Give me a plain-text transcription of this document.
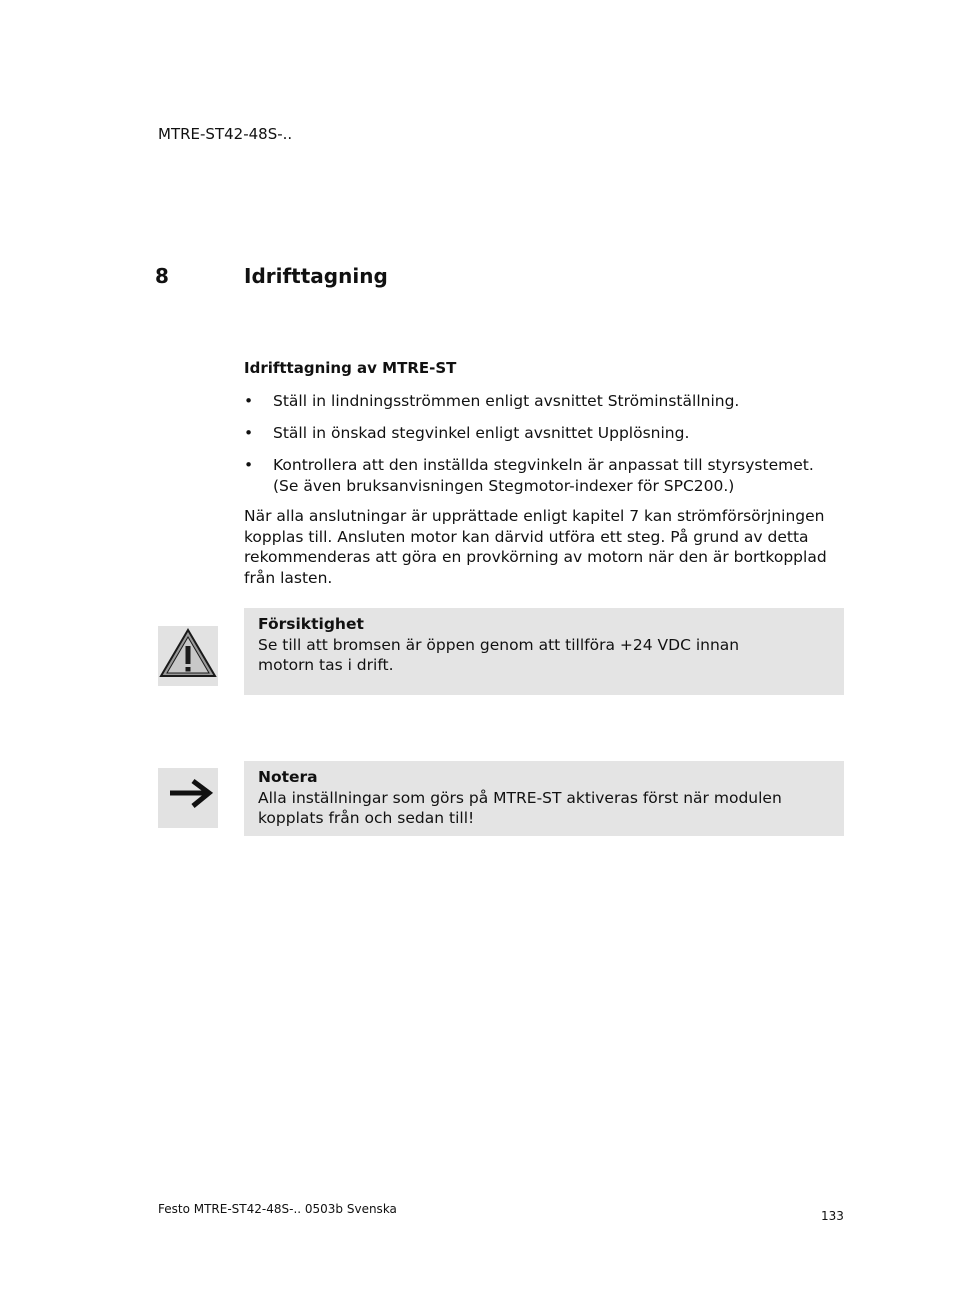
MTRE-ST42-48S-..
8	Idrifttagning
Idrifttagning av MTRE-ST
• Ställ in lindningsströmmen enligt avsnittet Ströminställning.
• Ställ in önskad stegvinkel enligt avsnittet Upplösning.
• Kontrollera att den inställda stegvinkeln är anpassat till styrsystemet.
(Se även bruksanvisningen Stegmotor-indexer för SPC200.)

När alla anslutningar är upprättade enligt kapitel 7 kan strömförsörjningen kopplas till. Ansluten motor kan därvid utföra ett steg. På grund av detta rekommenderas att göra en provkörning av motorn när den är bortkopplad från lasten.

Försiktighet
Se till att bromsen är öppen genom att tillföra +24 VDC innan motorn tas i drift.
Notera
Alla inställningar som görs på MTRE-ST aktiveras först när modulen kopplats från och sedan till!
Festo MTRE-ST42-48S-.. 0503b Svenska	133
